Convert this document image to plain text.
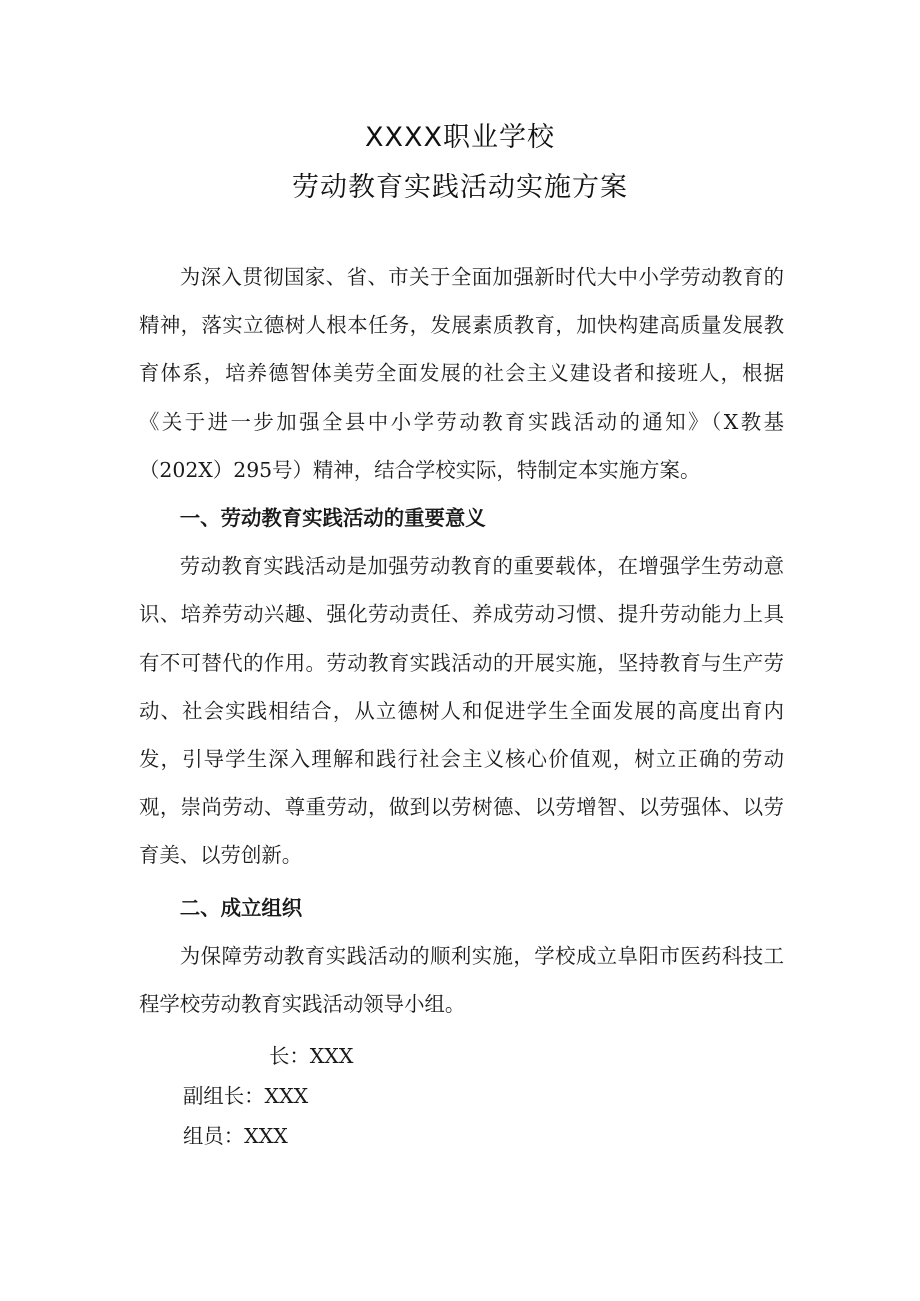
XXXX职业学校
劳动教育实践活动实施方案

为深入贯彻国家、省、市关于全面加强新时代大中小学劳动教育的精神，落实立德树人根本任务，发展素质教育，加快构建高质量发展教育体系，培养德智体美劳全面发展的社会主义建设者和接班人，根据《关于进一步加强全县中小学劳动教育实践活动的通知》（X教基（202X）295号）精神，结合学校实际，特制定本实施方案。

一、劳动教育实践活动的重要意义

劳动教育实践活动是加强劳动教育的重要载体，在增强学生劳动意识、培养劳动兴趣、强化劳动责任、养成劳动习惯、提升劳动能力上具有不可替代的作用。劳动教育实践活动的开展实施，坚持教育与生产劳动、社会实践相结合，从立德树人和促进学生全面发展的高度出育内发，引导学生深入理解和践行社会主义核心价值观，树立正确的劳动观，崇尚劳动、尊重劳动，做到以劳树德、以劳增智、以劳强体、以劳育美、以劳创新。

二、成立组织

为保障劳动教育实践活动的顺利实施，学校成立阜阳市医药科技工程学校劳动教育实践活动领导小组。

长：XXX
副组长：XXX
组员：XXX
